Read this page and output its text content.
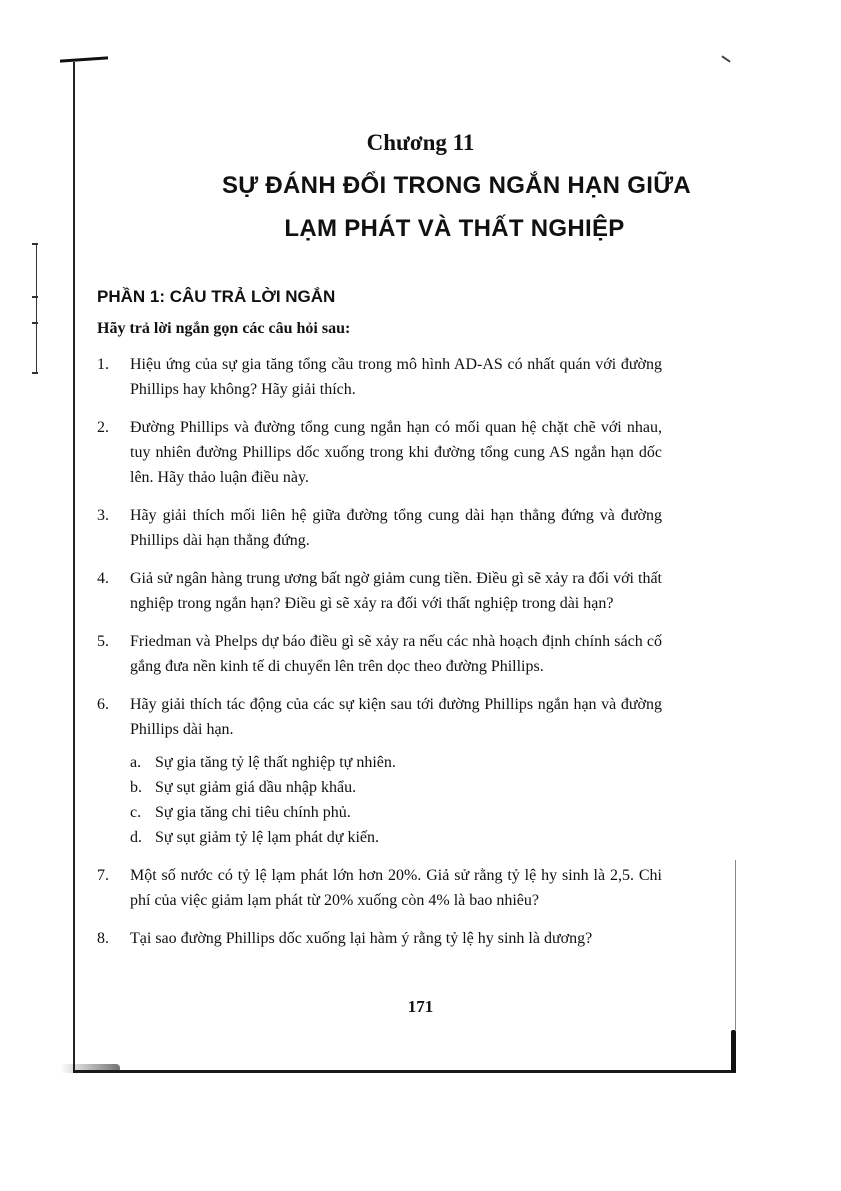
Chương 11
SỰ ĐÁNH ĐỔI TRONG NGẮN HẠN GIỮA
LẠM PHÁT VÀ THẤT NGHIỆP
PHẦN 1: CÂU TRẢ LỜI NGẮN
Hãy trả lời ngắn gọn các câu hỏi sau:
1. Hiệu ứng của sự gia tăng tổng cầu trong mô hình AD-AS có nhất quán với đường Phillips hay không? Hãy giải thích.
2. Đường Phillips và đường tổng cung ngắn hạn có mối quan hệ chặt chẽ với nhau, tuy nhiên đường Phillips dốc xuống trong khi đường tổng cung AS ngắn hạn dốc lên. Hãy thảo luận điều này.
3. Hãy giải thích mối liên hệ giữa đường tổng cung dài hạn thẳng đứng và đường Phillips dài hạn thẳng đứng.
4. Giả sử ngân hàng trung ương bất ngờ giảm cung tiền. Điều gì sẽ xảy ra đối với thất nghiệp trong ngắn hạn? Điều gì sẽ xảy ra đối với thất nghiệp trong dài hạn?
5. Friedman và Phelps dự báo điều gì sẽ xảy ra nếu các nhà hoạch định chính sách cố gắng đưa nền kinh tế di chuyển lên trên dọc theo đường Phillips.
6. Hãy giải thích tác động của các sự kiện sau tới đường Phillips ngắn hạn và đường Phillips dài hạn.
a. Sự gia tăng tỷ lệ thất nghiệp tự nhiên.
b. Sự sụt giảm giá dầu nhập khẩu.
c. Sự gia tăng chi tiêu chính phủ.
d. Sự sụt giảm tỷ lệ lạm phát dự kiến.
7. Một số nước có tỷ lệ lạm phát lớn hơn 20%. Giả sử rằng tỷ lệ hy sinh là 2,5. Chi phí của việc giảm lạm phát từ 20% xuống còn 4% là bao nhiêu?
8. Tại sao đường Phillips dốc xuống lại hàm ý rằng tỷ lệ hy sinh là dương?
171
